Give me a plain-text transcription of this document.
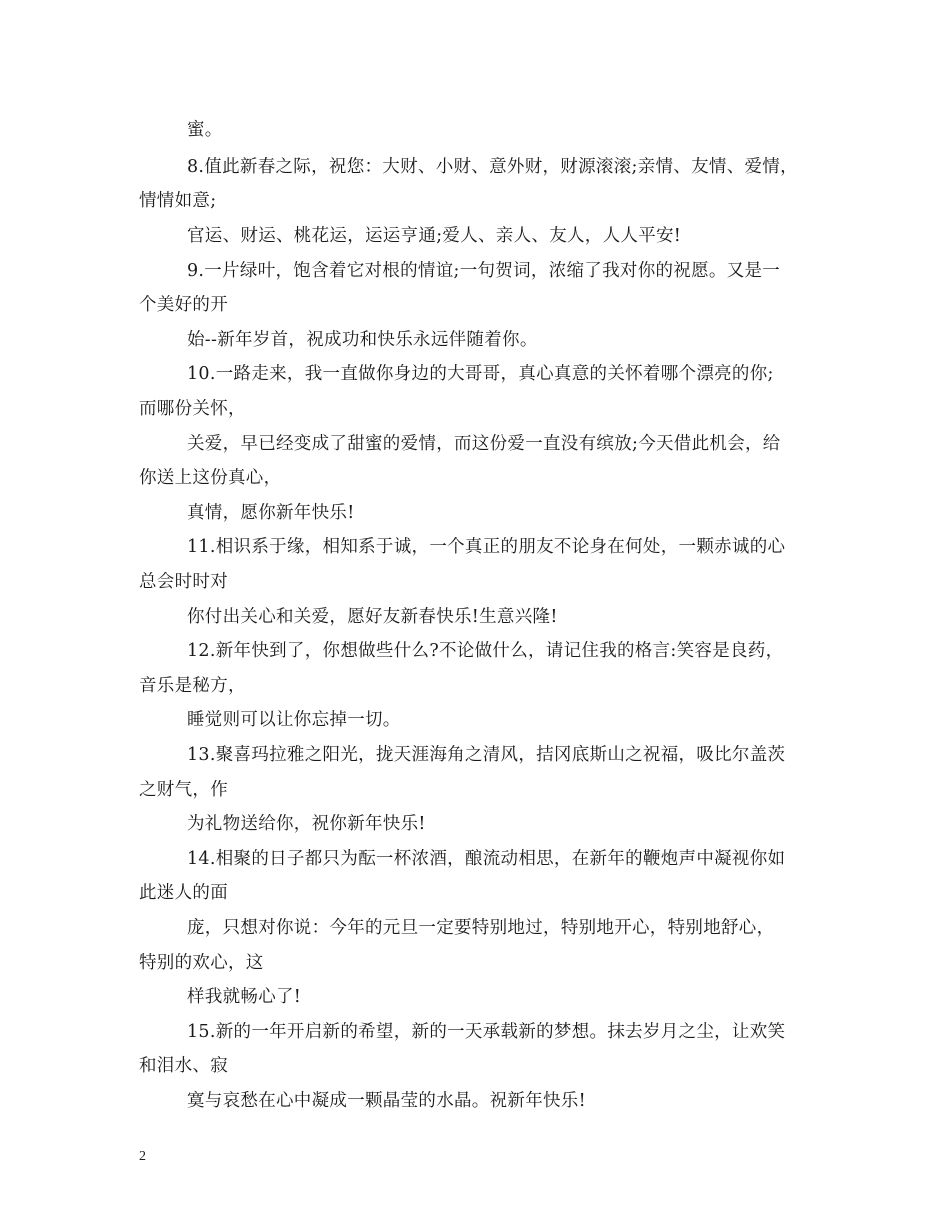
蜜。
8.值此新春之际，祝您：大财、小财、意外财，财源滚滚;亲情、友情、爱情，
情情如意;
官运、财运、桃花运，运运亨通;爱人、亲人、友人，人人平安!
9.一片绿叶，饱含着它对根的情谊;一句贺词，浓缩了我对你的祝愿。又是一
个美好的开
始--新年岁首，祝成功和快乐永远伴随着你。
10.一路走来，我一直做你身边的大哥哥，真心真意的关怀着哪个漂亮的你;
而哪份关怀，
关爱，早已经变成了甜蜜的爱情，而这份爱一直没有缤放;今天借此机会，给
你送上这份真心，
真情，愿你新年快乐!
11.相识系于缘，相知系于诚，一个真正的朋友不论身在何处，一颗赤诚的心
总会时时对
你付出关心和关爱，愿好友新春快乐!生意兴隆!
12.新年快到了，你想做些什么?不论做什么，请记住我的格言:笑容是良药，
音乐是秘方，
睡觉则可以让你忘掉一切。
13.聚喜玛拉雅之阳光，拢天涯海角之清风，拮冈底斯山之祝福，吸比尔盖茨
之财气，作
为礼物送给你，祝你新年快乐!
14.相聚的日子都只为酝一杯浓酒，酿流动相思，在新年的鞭炮声中凝视你如
此迷人的面
庞，只想对你说：今年的元旦一定要特别地过，特别地开心，特别地舒心，
特别的欢心，这
样我就畅心了!
15.新的一年开启新的希望，新的一天承载新的梦想。抹去岁月之尘，让欢笑
和泪水、寂
寞与哀愁在心中凝成一颗晶莹的水晶。祝新年快乐!
2
